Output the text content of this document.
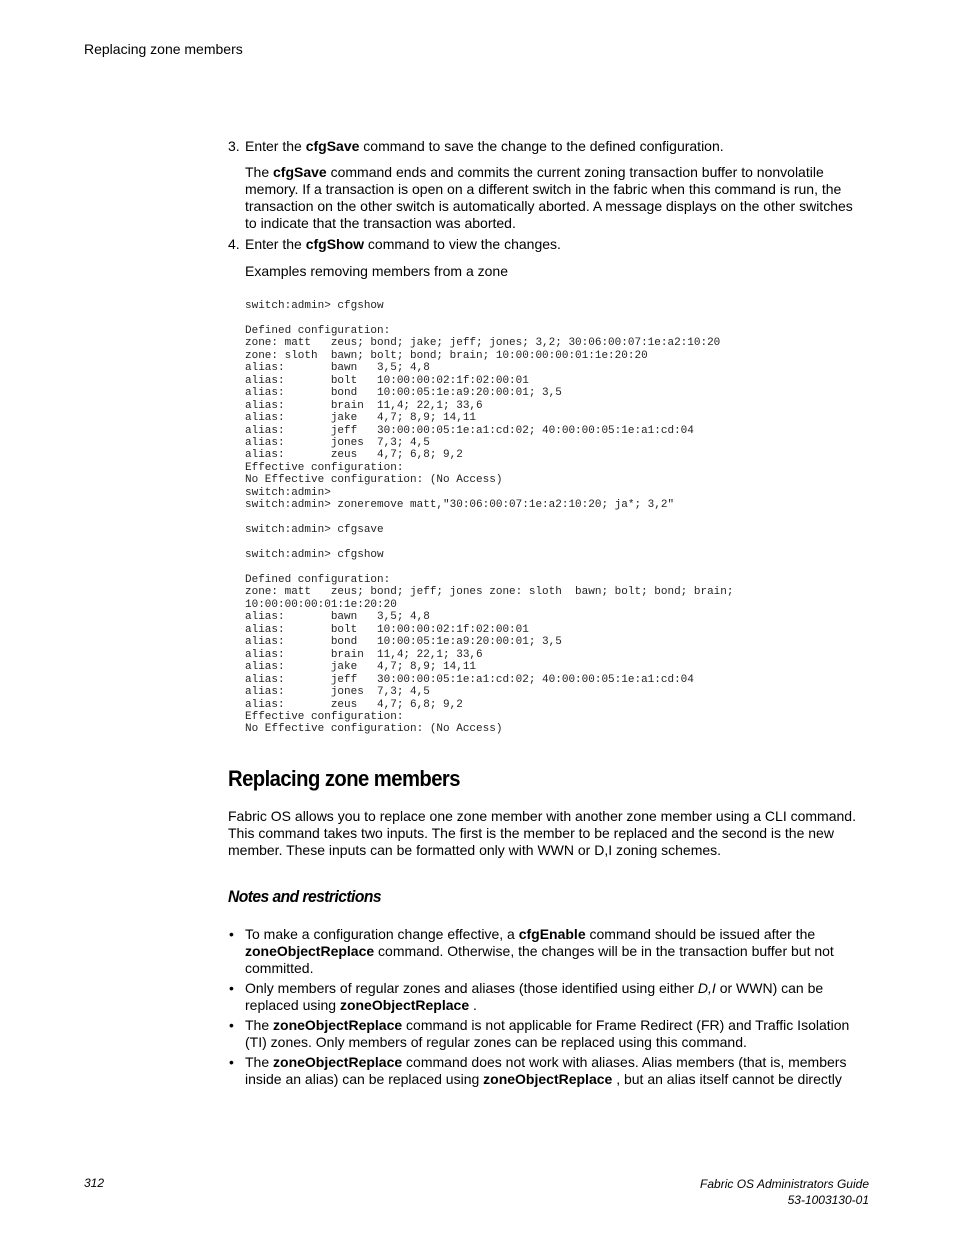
Replacing zone members
3. Enter the cfgSave command to save the change to the defined configuration.

The cfgSave command ends and commits the current zoning transaction buffer to nonvolatile memory. If a transaction is open on a different switch in the fabric when this command is run, the transaction on the other switch is automatically aborted. A message displays on the other switches to indicate that the transaction was aborted.

4. Enter the cfgShow command to view the changes.

Examples removing members from a zone

switch:admin> cfgshow

Defined configuration:
zone: matt   zeus; bond; jake; jeff; jones; 3,2; 30:06:00:07:1e:a2:10:20
zone: sloth  bawn; bolt; bond; brain; 10:00:00:00:01:1e:20:20
alias:       bawn   3,5; 4,8
alias:       bolt   10:00:00:02:1f:02:00:01
alias:       bond   10:00:05:1e:a9:20:00:01; 3,5
alias:       brain  11,4; 22,1; 33,6
alias:       jake   4,7; 8,9; 14,11
alias:       jeff   30:00:00:05:1e:a1:cd:02; 40:00:00:05:1e:a1:cd:04
alias:       jones  7,3; 4,5
alias:       zeus   4,7; 6,8; 9,2
Effective configuration:
No Effective configuration: (No Access)
switch:admin>
switch:admin> zoneremove matt,"30:06:00:07:1e:a2:10:20; ja*; 3,2"

switch:admin> cfgsave

switch:admin> cfgshow

Defined configuration:
zone: matt   zeus; bond; jeff; jones zone: sloth  bawn; bolt; bond; brain;
10:00:00:00:01:1e:20:20
alias:       bawn   3,5; 4,8
alias:       bolt   10:00:00:02:1f:02:00:01
alias:       bond   10:00:05:1e:a9:20:00:01; 3,5
alias:       brain  11,4; 22,1; 33,6
alias:       jake   4,7; 8,9; 14,11
alias:       jeff   30:00:00:05:1e:a1:cd:02; 40:00:00:05:1e:a1:cd:04
alias:       jones  7,3; 4,5
alias:       zeus   4,7; 6,8; 9,2
Effective configuration:
No Effective configuration: (No Access)
Replacing zone members

Fabric OS allows you to replace one zone member with another zone member using a CLI command. This command takes two inputs. The first is the member to be replaced and the second is the new member. These inputs can be formatted only with WWN or D,I zoning schemes.

Notes and restrictions
• To make a configuration change effective, a cfgEnable command should be issued after the zoneObjectReplace command. Otherwise, the changes will be in the transaction buffer but not committed.
• Only members of regular zones and aliases (those identified using either D,I or WWN) can be replaced using zoneObjectReplace .
• The zoneObjectReplace command is not applicable for Frame Redirect (FR) and Traffic Isolation (TI) zones. Only members of regular zones can be replaced using this command.
• The zoneObjectReplace command does not work with aliases. Alias members (that is, members inside an alias) can be replaced using zoneObjectReplace , but an alias itself cannot be directly
312	Fabric OS Administrators Guide
53-1003130-01
